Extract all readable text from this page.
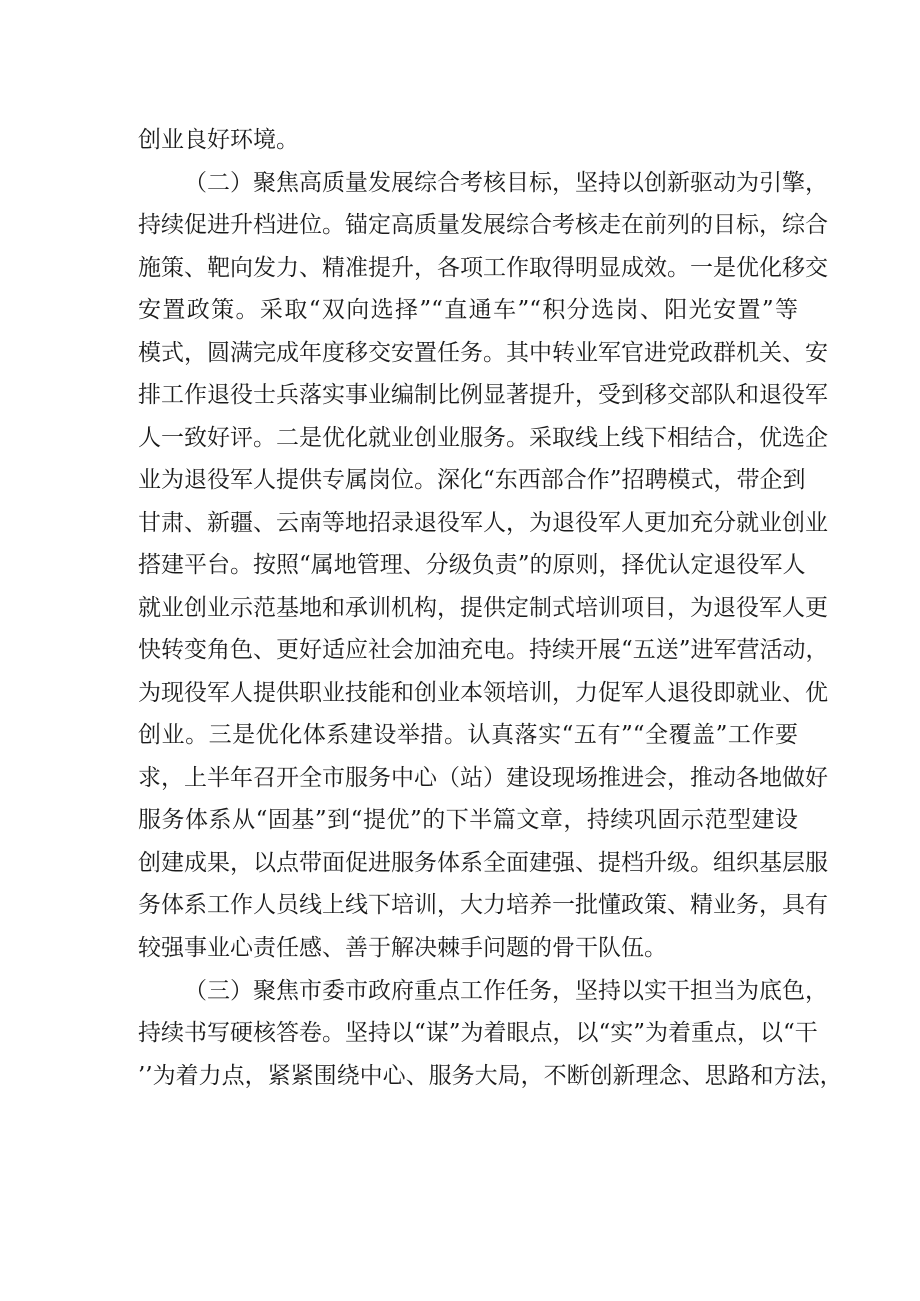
创业良好环境。
（二）聚焦高质量发展综合考核目标，坚持以创新驱动为引擎，
持续促进升档进位。锚定高质量发展综合考核走在前列的目标，综合
施策、靶向发力、精准提升，各项工作取得明显成效。一是优化移交
安置政策。采取“双向选择”“直通车”“积分选岗、阳光安置”等
模式，圆满完成年度移交安置任务。其中转业军官进党政群机关、安
排工作退役士兵落实事业编制比例显著提升，受到移交部队和退役军
人一致好评。二是优化就业创业服务。采取线上线下相结合，优选企
业为退役军人提供专属岗位。深化“东西部合作”招聘模式，带企到
甘肃、新疆、云南等地招录退役军人，为退役军人更加充分就业创业
搭建平台。按照“属地管理、分级负责”的原则，择优认定退役军人
就业创业示范基地和承训机构，提供定制式培训项目，为退役军人更
快转变角色、更好适应社会加油充电。持续开展“五送”进军营活动，
为现役军人提供职业技能和创业本领培训，力促军人退役即就业、优
创业。三是优化体系建设举措。认真落实“五有”“全覆盖”工作要
求，上半年召开全市服务中心（站）建设现场推进会，推动各地做好
服务体系从“固基”到“提优”的下半篇文章，持续巩固示范型建设
创建成果，以点带面促进服务体系全面建强、提档升级。组织基层服
务体系工作人员线上线下培训，大力培养一批懂政策、精业务，具有
较强事业心责任感、善于解决棘手问题的骨干队伍。
（三）聚焦市委市政府重点工作任务，坚持以实干担当为底色，
持续书写硬核答卷。坚持以“谋”为着眼点，以“实”为着重点，以“干
’’为着力点，紧紧围绕中心、服务大局，不断创新理念、思路和方法，
